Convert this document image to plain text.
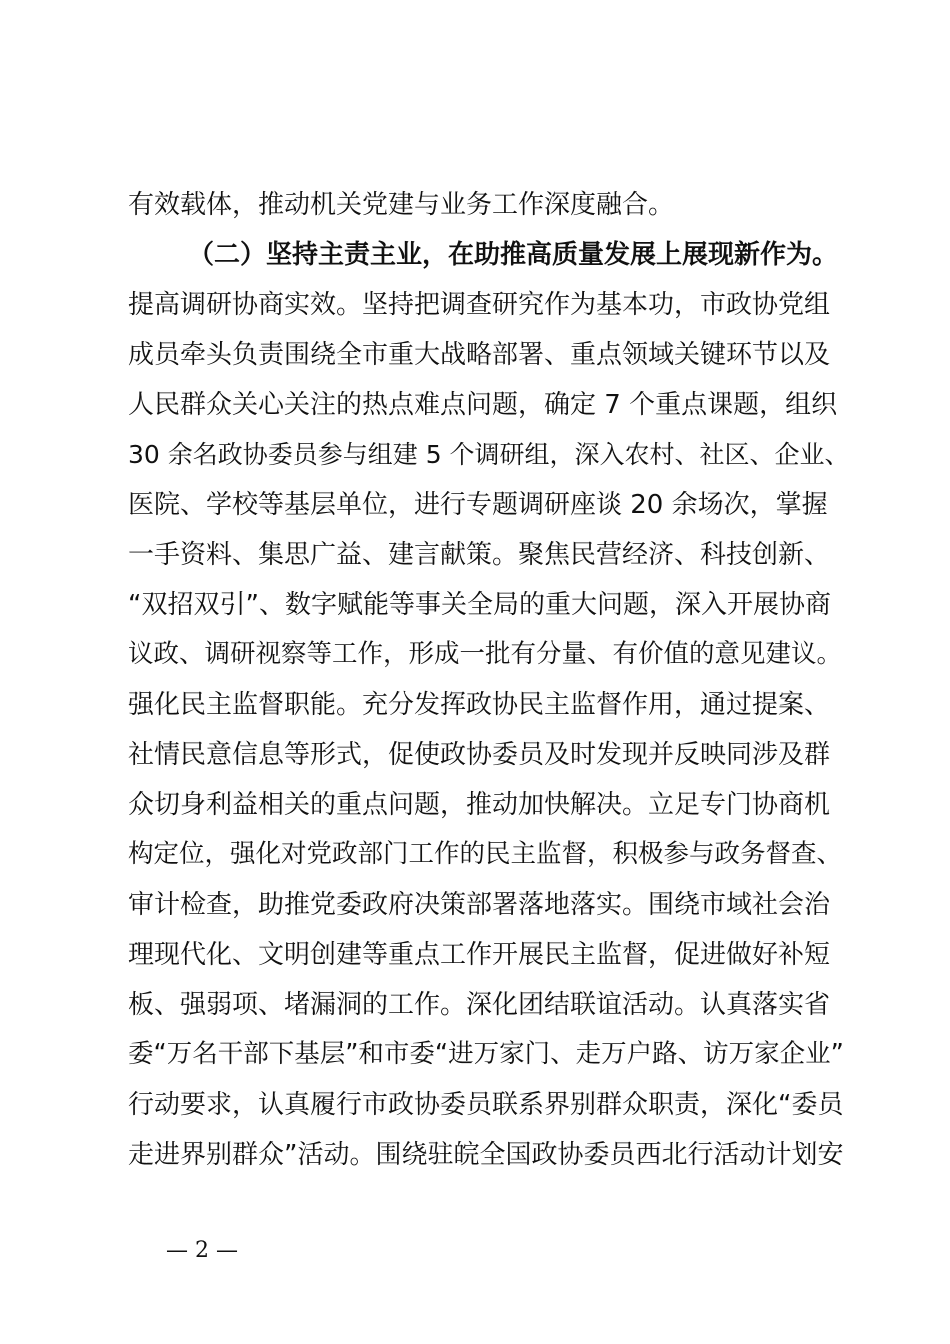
有效载体，推动机关党建与业务工作深度融合。
（二）坚持主责主业，在助推高质量发展上展现新作为。
提高调研协商实效。坚持把调查研究作为基本功，市政协党组
成员牵头负责围绕全市重大战略部署、重点领域关键环节以及
人民群众关心关注的热点难点问题，确定 7 个重点课题，组织
30 余名政协委员参与组建 5 个调研组，深入农村、社区、企业、
医院、学校等基层单位，进行专题调研座谈 20 余场次，掌握
一手资料、集思广益、建言献策。聚焦民营经济、科技创新、
“双招双引”、数字赋能等事关全局的重大问题，深入开展协商
议政、调研视察等工作，形成一批有分量、有价值的意见建议。
强化民主监督职能。充分发挥政协民主监督作用，通过提案、
社情民意信息等形式，促使政协委员及时发现并反映同涉及群
众切身利益相关的重点问题，推动加快解决。立足专门协商机
构定位，强化对党政部门工作的民主监督，积极参与政务督查、
审计检查，助推党委政府决策部署落地落实。围绕市域社会治
理现代化、文明创建等重点工作开展民主监督，促进做好补短
板、强弱项、堵漏洞的工作。深化团结联谊活动。认真落实省
委“万名干部下基层”和市委“进万家门、走万户路、访万家企业”
行动要求，认真履行市政协委员联系界别群众职责，深化“委员
走进界别群众”活动。围绕驻皖全国政协委员西北行活动计划安
— 2 —
